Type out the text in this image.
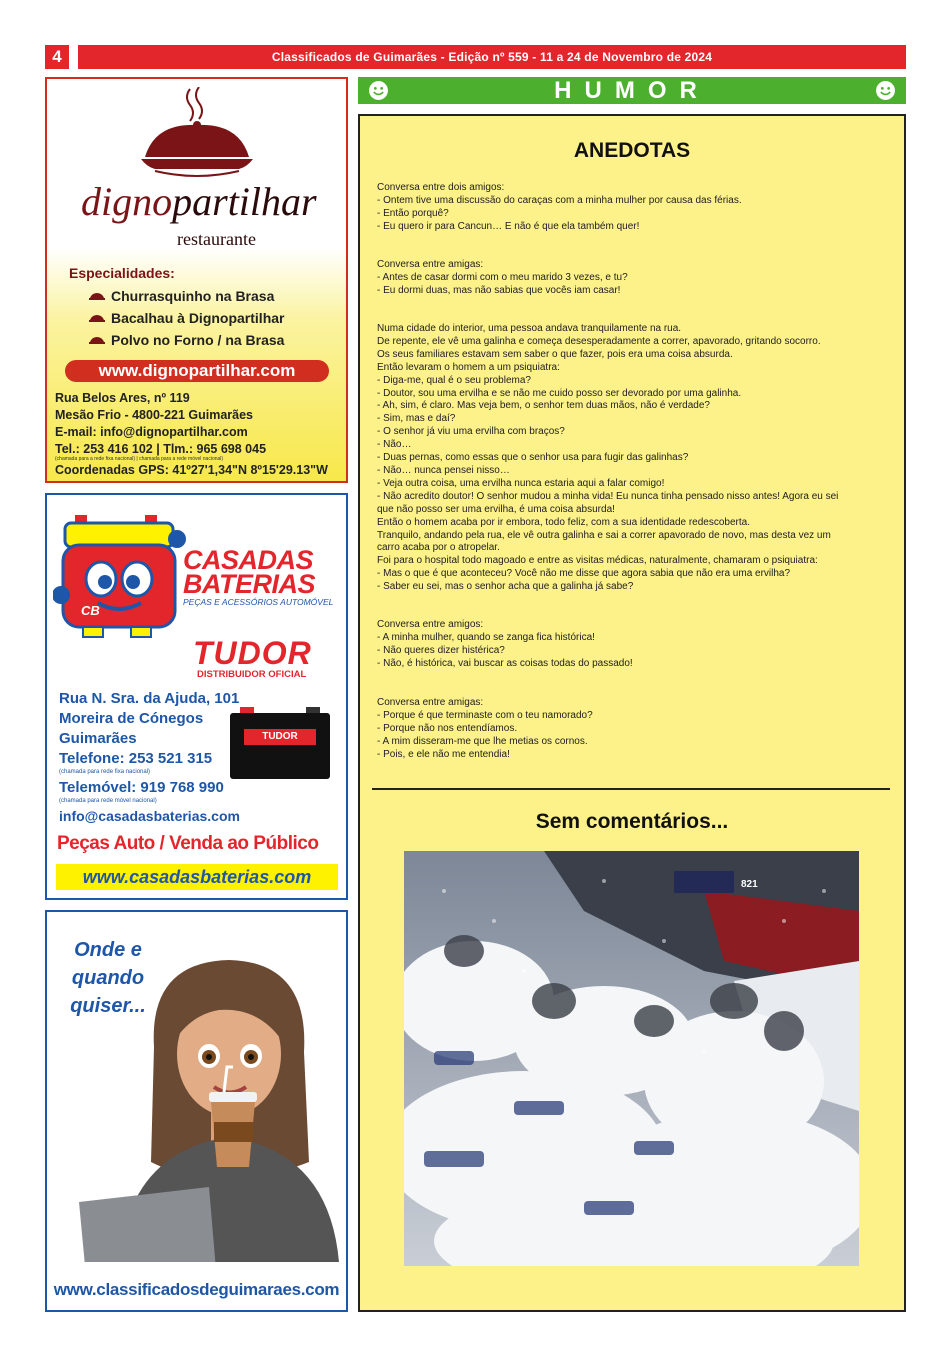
4	Classificados de Guimarães - Edição nº 559 - 11 a 24 de Novembro de 2024
HUMOR
dignopartilhar
restaurante
Especialidades:
Churrasquinho na Brasa
Bacalhau à Dignopartilhar
Polvo no Forno / na Brasa
www.dignopartilhar.com
Rua Belos Ares, nº 119
Mesão Frio - 4800-221 Guimarães
E-mail: info@dignopartilhar.com
Tel.: 253 416 102 | Tlm.: 965 698 045
(chamada para a rede fixa nacional) | chamada para a rede móvel nacional)
Coordenadas GPS: 41º27'1,34"N 8º15'29.13"W
CB
CASADAS
BATERIAS
PEÇAS E ACESSÓRIOS AUTOMÓVEL
TUDOR
DISTRIBUIDOR OFICIAL
TUDOR
Rua N. Sra. da Ajuda, 101
Moreira de Cónegos
Guimarães
Telefone: 253 521 315
(chamada para rede fixa nacional)
Telemóvel: 919 768 990
(chamada para rede móvel nacional)
info@casadasbaterias.com
Peças Auto / Venda ao Público
www.casadasbaterias.com
Onde e
quando
quiser...
www.classificadosdeguimaraes.com
ANEDOTAS
Conversa entre dois amigos:
- Ontem tive uma discussão do caraças com a minha mulher por causa das férias.
- Então porquê?
- Eu quero ir para Cancun… E não é que ela também quer!
Conversa entre amigas:
- Antes de casar dormi com o meu marido 3 vezes, e tu?
- Eu dormi duas, mas não sabias que vocês iam casar!
Numa cidade do interior, uma pessoa andava tranquilamente na rua.
De repente, ele vê uma galinha e começa desesperadamente a correr, apavorado, gritando socorro.
Os seus familiares estavam sem saber o que fazer, pois era uma coisa absurda.
Então levaram o homem a um psiquiatra:
- Diga-me, qual é o seu problema?
- Doutor, sou uma ervilha e se não me cuido posso ser devorado por uma galinha.
- Ah, sim, é claro. Mas veja bem, o senhor tem duas mãos, não é verdade?
- Sim, mas e daí?
- O senhor já viu uma ervilha com braços?
- Não…
- Duas pernas, como essas que o senhor usa para fugir das galinhas?
- Não… nunca pensei nisso…
- Veja outra coisa, uma ervilha nunca estaria aqui a falar comigo!
- Não acredito doutor! O senhor mudou a minha vida! Eu nunca tinha pensado nisso antes! Agora eu sei
que não posso ser uma ervilha, é uma coisa absurda!
Então o homem acaba por ir embora, todo feliz, com a sua identidade redescoberta.
Tranquilo, andando pela rua, ele vê outra galinha e sai a correr apavorado de novo, mas desta vez um
carro acaba por o atropelar.
Foi para o hospital todo magoado e entre as visitas médicas, naturalmente, chamaram o psiquiatra:
- Mas o que é que aconteceu? Você não me disse que agora sabia que não era uma ervilha?
- Saber eu sei, mas o senhor acha que a galinha já sabe?
Conversa entre amigos:
- A minha mulher, quando se zanga fica histórica!
- Não queres dizer histérica?
- Não, é histórica, vai buscar as coisas todas do passado!
Conversa entre amigas:
- Porque é que terminaste com o teu namorado?
- Porque não nos entendíamos.
- A mim disseram-me que lhe metias os cornos.
- Pois, e ele não me entendia!
Sem comentários...
821
